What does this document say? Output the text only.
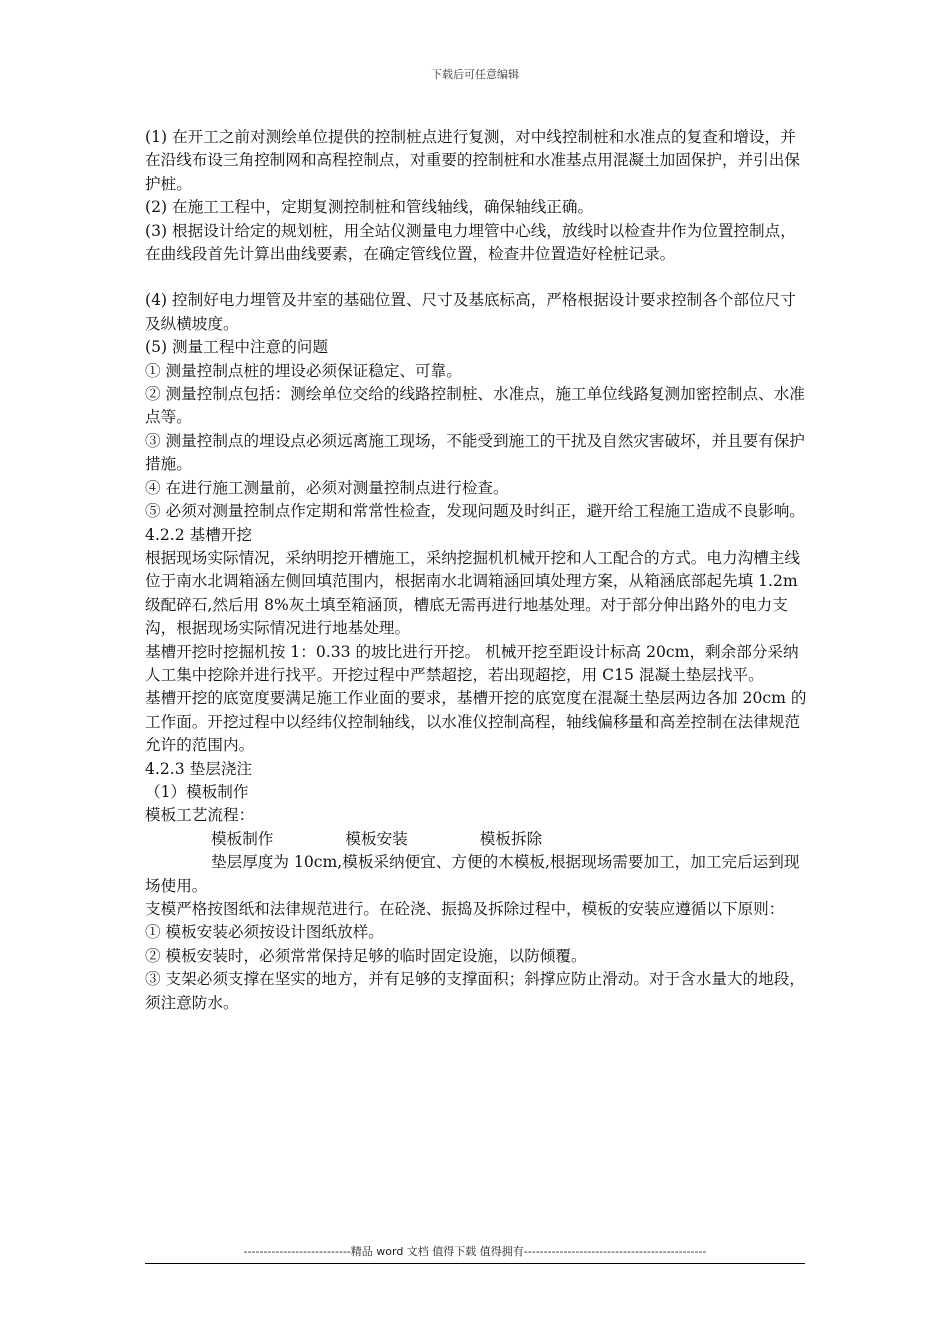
下载后可任意编辑

(1) 在开工之前对测绘单位提供的控制桩点进行复测，对中线控制桩和水准点的复查和增设，并在沿线布设三角控制网和高程控制点，对重要的控制桩和水准基点用混凝土加固保护，并引出保护桩。

(2) 在施工工程中，定期复测控制桩和管线轴线，确保轴线正确。

(3) 根据设计给定的规划桩，用全站仪测量电力埋管中心线，放线时以检查井作为位置控制点，在曲线段首先计算出曲线要素，在确定管线位置，检查井位置造好栓桩记录。

(4) 控制好电力埋管及井室的基础位置、尺寸及基底标高，严格根据设计要求控制各个部位尺寸及纵横坡度。

(5) 测量工程中注意的问题

① 测量控制点桩的埋设必须保证稳定、可靠。

② 测量控制点包括：测绘单位交给的线路控制桩、水准点，施工单位线路复测加密控制点、水准点等。

③ 测量控制点的埋设点必须远离施工现场，不能受到施工的干扰及自然灾害破坏，并且要有保护措施。

④ 在进行施工测量前，必须对测量控制点进行检查。

⑤ 必须对测量控制点作定期和常常性检查，发现问题及时纠正，避开给工程施工造成不良影响。

4.2.2 基槽开挖

根据现场实际情况，采纳明挖开槽施工，采纳挖掘机机械开挖和人工配合的方式。电力沟槽主线位于南水北调箱涵左侧回填范围内，根据南水北调箱涵回填处理方案，从箱涵底部起先填 1.2m 级配碎石,然后用 8%灰土填至箱涵顶，槽底无需再进行地基处理。对于部分伸出路外的电力支沟，根据现场实际情况进行地基处理。

基槽开挖时挖掘机按 1：0.33 的坡比进行开挖。 机械开挖至距设计标高 20cm，剩余部分采纳人工集中挖除并进行找平。开挖过程中严禁超挖，若出现超挖，用 C15 混凝土垫层找平。

基槽开挖的底宽度要满足施工作业面的要求，基槽开挖的底宽度在混凝土垫层两边各加 20cm 的工作面。开挖过程中以经纬仪控制轴线，以水准仪控制高程，轴线偏移量和高差控制在法律规范允许的范围内。

4.2.3 垫层浇注

（1）模板制作

模板工艺流程：

模板制作	模板安装	模板拆除

垫层厚度为 10cm,模板采纳便宜、方便的木模板,根据现场需要加工，加工完后运到现场使用。

支模严格按图纸和法律规范进行。在砼浇、振捣及拆除过程中，模板的安装应遵循以下原则：

① 模板安装必须按设计图纸放样。

② 模板安装时，必须常常保持足够的临时固定设施，以防倾覆。

③ 支架必须支撑在坚实的地方，并有足够的支撑面积；斜撑应防止滑动。对于含水量大的地段，须注意防水。

---------------------------精品 word 文档 值得下载 值得拥有----------------------------------------------
